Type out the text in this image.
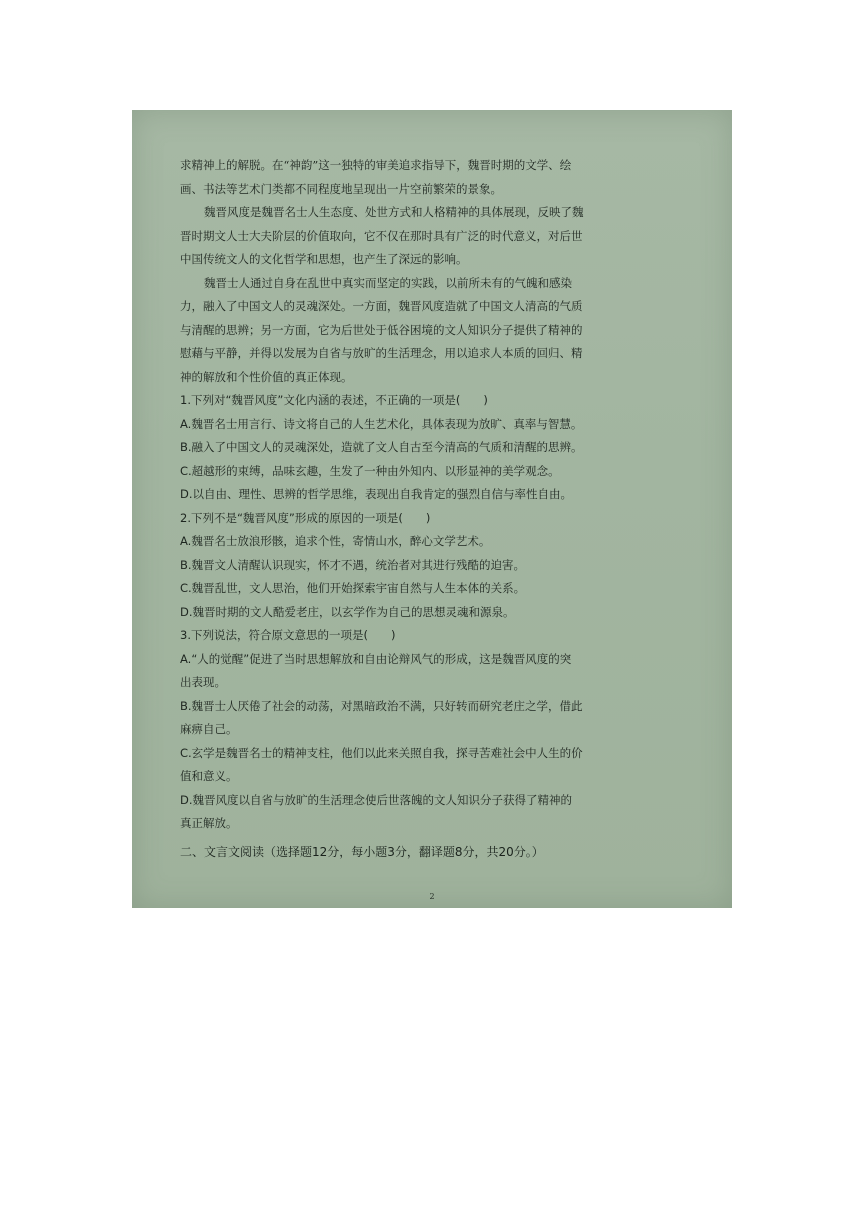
求精神上的解脱。在“神韵”这一独特的审美追求指导下，魏晋时期的文学、绘
画、书法等艺术门类都不同程度地呈现出一片空前繁荣的景象。
魏晋风度是魏晋名士人生态度、处世方式和人格精神的具体展现，反映了魏
晋时期文人士大夫阶层的价值取向，它不仅在那时具有广泛的时代意义，对后世
中国传统文人的文化哲学和思想，也产生了深远的影响。
魏晋士人通过自身在乱世中真实而坚定的实践，以前所未有的气魄和感染
力，融入了中国文人的灵魂深处。一方面，魏晋风度造就了中国文人清高的气质
与清醒的思辨；另一方面，它为后世处于低谷困境的文人知识分子提供了精神的
慰藉与平静，并得以发展为自省与放旷的生活理念，用以追求人本质的回归、精
神的解放和个性价值的真正体现。
1.下列对“魏晋风度”文化内涵的表述，不正确的一项是(　　)
A.魏晋名士用言行、诗文将自己的人生艺术化，具体表现为放旷、真率与智慧。
B.融入了中国文人的灵魂深处，造就了文人自古至今清高的气质和清醒的思辨。
C.超越形的束缚，品味玄趣，生发了一种由外知内、以形显神的美学观念。
D.以自由、理性、思辨的哲学思维，表现出自我肯定的强烈自信与率性自由。
2.下列不是“魏晋风度”形成的原因的一项是(　　)
A.魏晋名士放浪形骸，追求个性，寄情山水，醉心文学艺术。
B.魏晋文人清醒认识现实，怀才不遇，统治者对其进行残酷的迫害。
C.魏晋乱世，文人思治，他们开始探索宇宙自然与人生本体的关系。
D.魏晋时期的文人酷爱老庄，以玄学作为自己的思想灵魂和源泉。
3.下列说法，符合原文意思的一项是(　　)
A.“人的觉醒”促进了当时思想解放和自由论辩风气的形成，这是魏晋风度的突
出表现。
B.魏晋士人厌倦了社会的动荡，对黑暗政治不满，只好转而研究老庄之学，借此
麻痹自己。
C.玄学是魏晋名士的精神支柱，他们以此来关照自我，探寻苦难社会中人生的价
值和意义。
D.魏晋风度以自省与放旷的生活理念使后世落魄的文人知识分子获得了精神的
真正解放。
二、文言文阅读（选择题12分，每小题3分，翻译题8分，共20分。）
2
